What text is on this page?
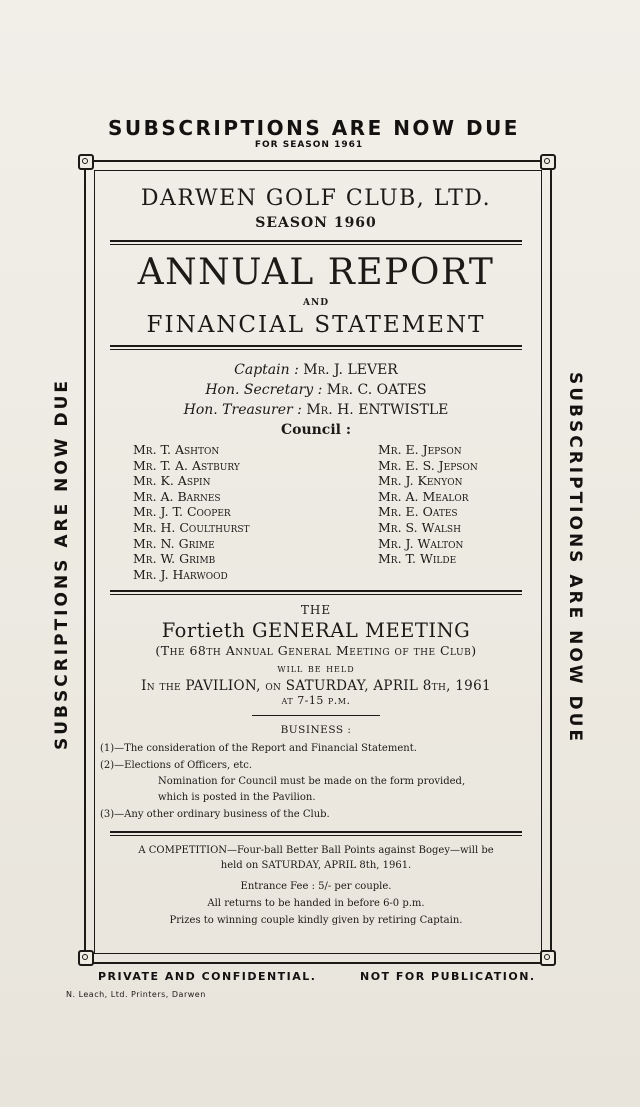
SUBSCRIPTIONS ARE NOW DUE
FOR SEASON 1961
SUBSCRIPTIONS ARE NOW DUE	SUBSCRIPTIONS ARE NOW DUE
DARWEN GOLF CLUB, LTD.
SEASON 1960
ANNUAL REPORT
AND
FINANCIAL STATEMENT
Captain : Mr. J. LEVER
Hon. Secretary : Mr. C. OATES
Hon. Treasurer : Mr. H. ENTWISTLE
Council :
Mr. T. Ashton
Mr. T. A. Astbury
Mr. K. Aspin
Mr. A. Barnes
Mr. J. T. Cooper
Mr. H. Coulthurst
Mr. N. Grime
Mr. W. Grimb
Mr. J. Harwood
Mr. E. Jepson
Mr. E. S. Jepson
Mr. J. Kenyon
Mr. A. Mealor
Mr. E. Oates
Mr. S. Walsh
Mr. J. Walton
Mr. T. Wilde
THE
Fortieth GENERAL MEETING
(The 68th Annual General Meeting of the Club)
will be held
In the PAVILION, on SATURDAY, APRIL 8th, 1961
at 7-15 p.m.
BUSINESS :
(1)—The consideration of the Report and Financial Statement.
(2)—Elections of Officers, etc.
Nomination for Council must be made on the form provided,
which is posted in the Pavilion.
(3)—Any other ordinary business of the Club.
A COMPETITION—Four-ball Better Ball Points against Bogey—will be
held on SATURDAY, APRIL 8th, 1961.
Entrance Fee : 5/- per couple.
All returns to be handed in before 6-0 p.m.
Prizes to winning couple kindly given by retiring Captain.
PRIVATE AND CONFIDENTIAL.	NOT FOR PUBLICATION.
N. Leach, Ltd. Printers, Darwen
